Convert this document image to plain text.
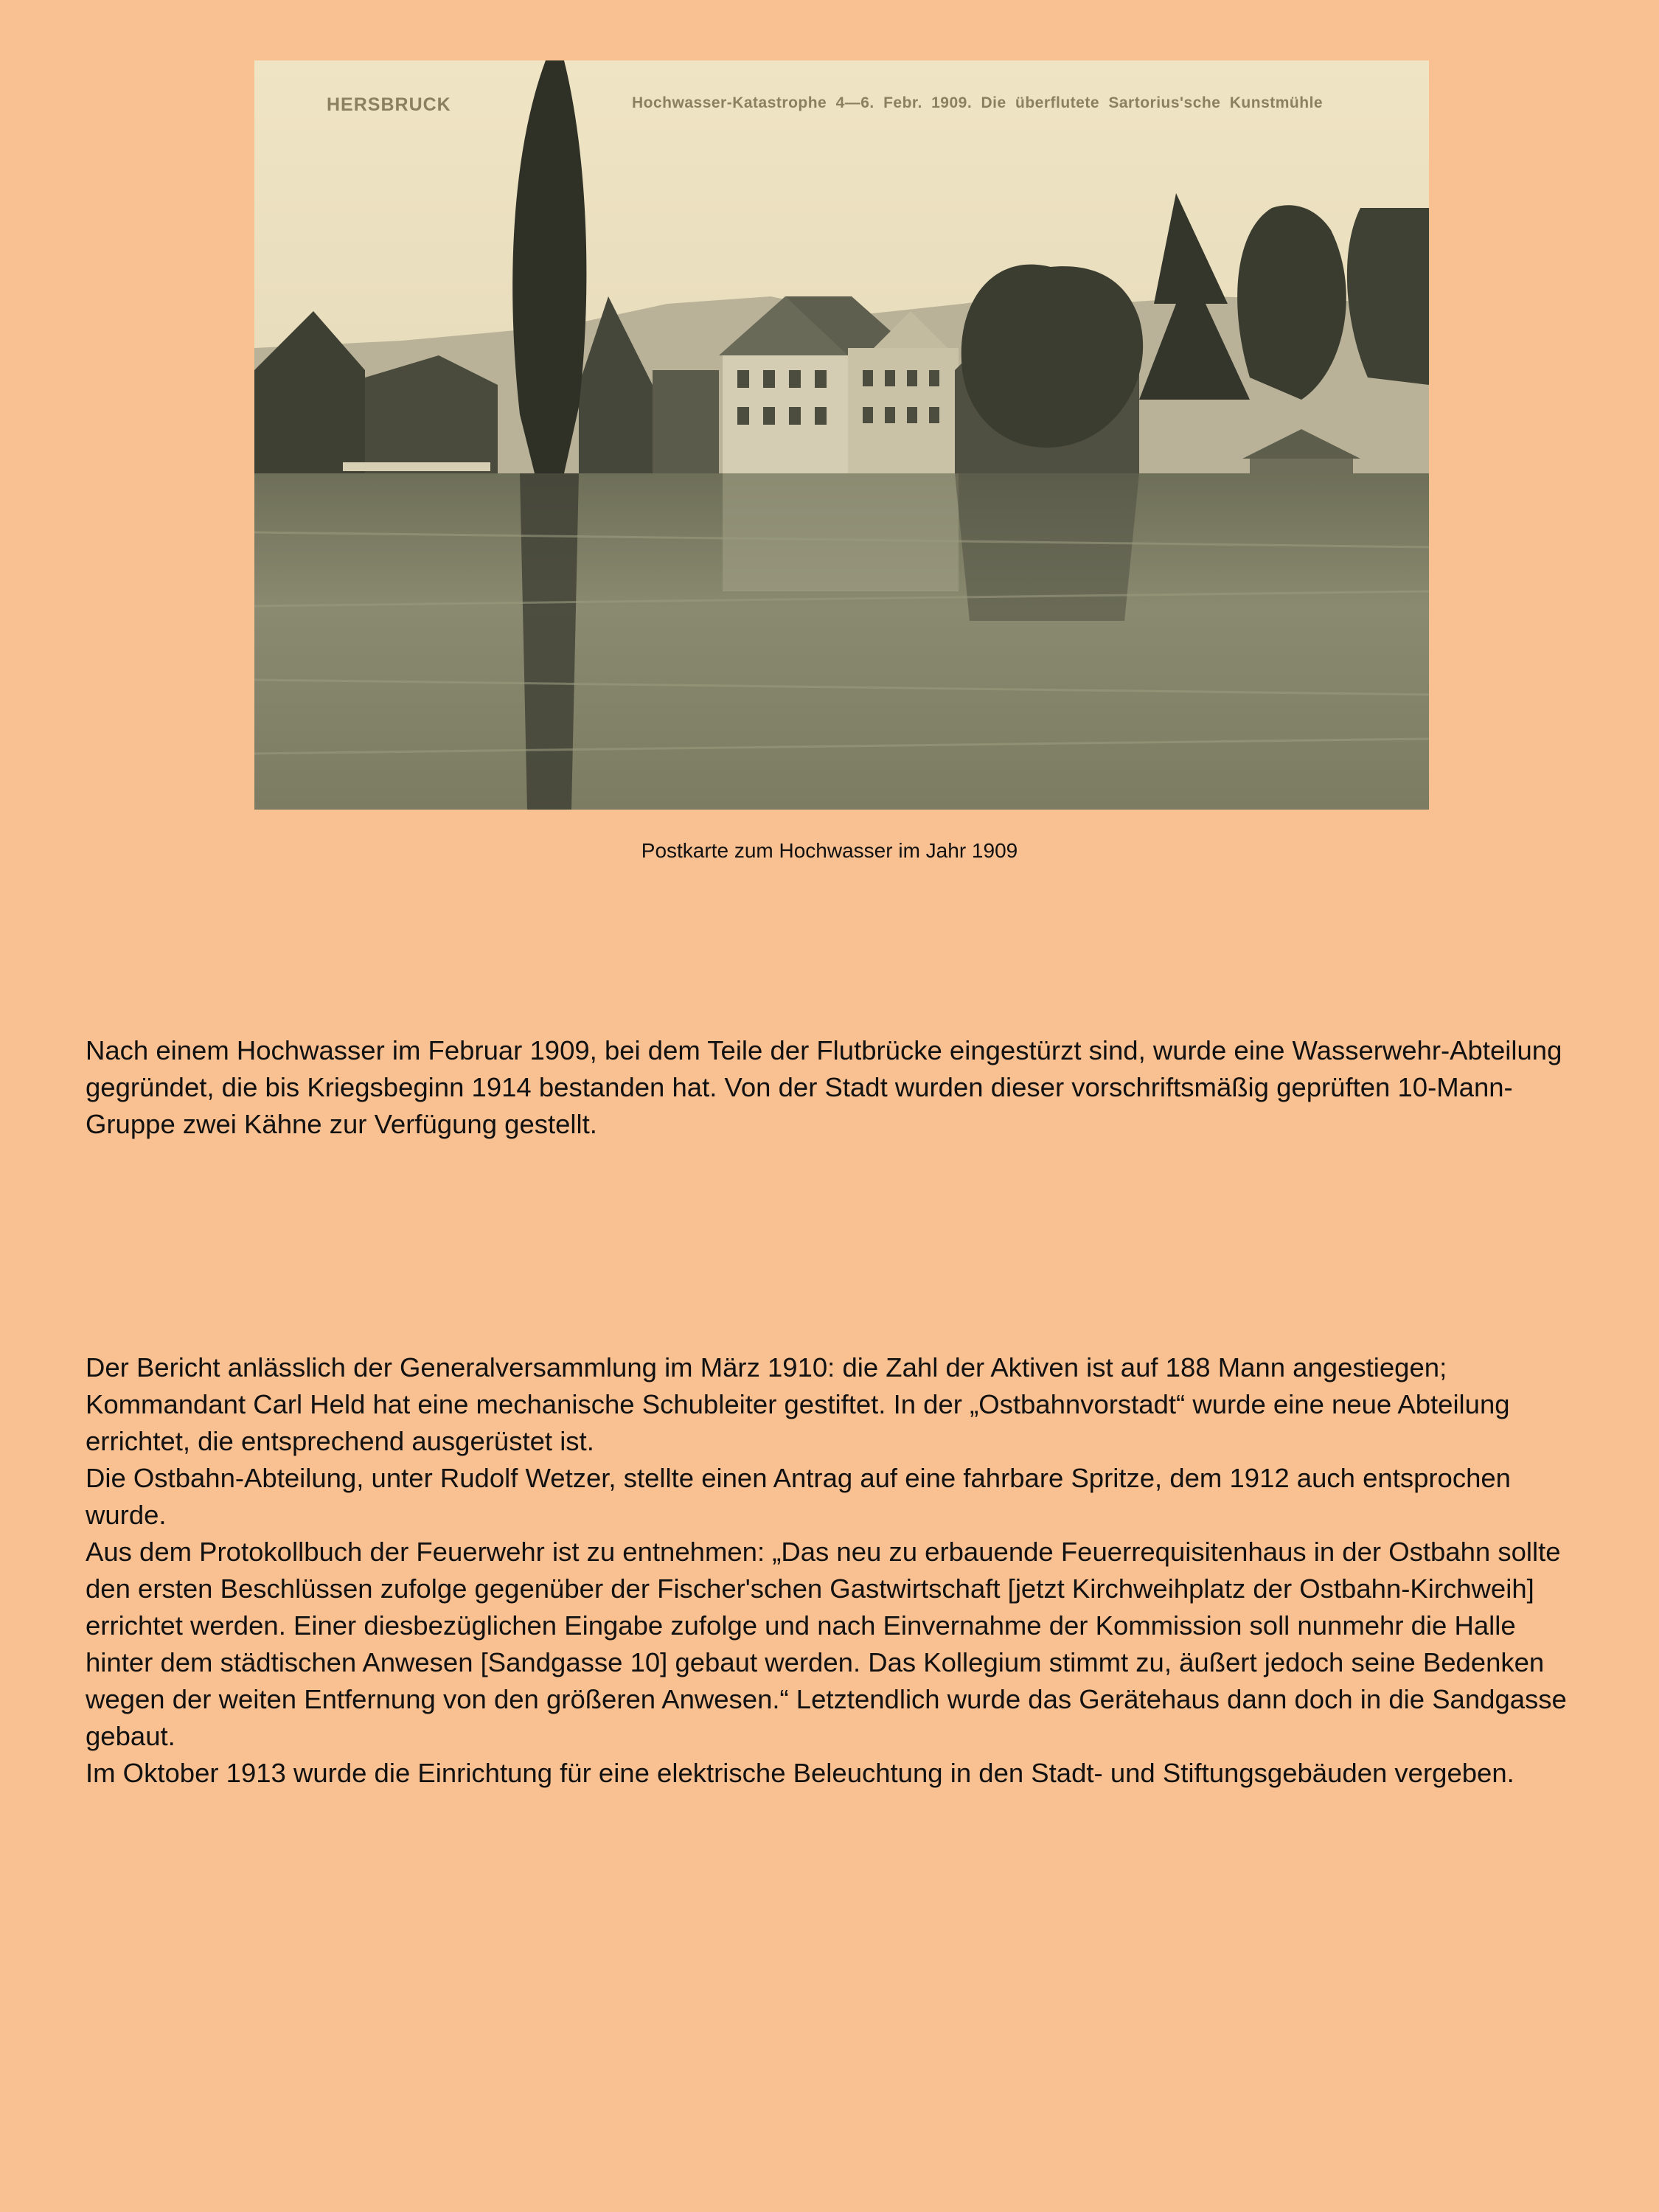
HERSBRUCK	Hochwasser-Katastrophe 4—6. Febr. 1909. Die überflutete Sartorius'sche Kunstmühle
Postkarte zum Hochwasser im Jahr 1909

Nach einem Hochwasser im Februar 1909, bei dem Teile der Flutbrücke eingestürzt sind, wurde eine Wasserwehr-Abteilung gegründet, die bis Kriegsbeginn 1914 bestanden hat. Von der Stadt wurden dieser vorschriftsmäßig geprüften 10-Mann-Gruppe zwei Kähne zur Verfügung gestellt.

Der Bericht anlässlich der Generalversammlung im März 1910: die Zahl der Aktiven ist auf 188 Mann angestiegen; Kommandant Carl Held hat eine mechanische Schubleiter gestiftet. In der „Ostbahnvorstadt“ wurde eine neue Abteilung errichtet, die entsprechend ausgerüstet ist.

Die Ostbahn-Abteilung, unter Rudolf Wetzer, stellte einen Antrag auf eine fahrbare Spritze, dem 1912 auch entsprochen wurde.

Aus dem Protokollbuch der Feuerwehr ist zu entnehmen: „Das neu zu erbauende Feuerrequisitenhaus in der Ostbahn sollte den ersten Beschlüssen zufolge gegenüber der Fischer'schen Gastwirtschaft [jetzt Kirchweihplatz der Ostbahn-Kirchweih] errichtet werden. Einer diesbezüglichen Eingabe zufolge und nach Einvernahme der Kommission soll nunmehr die Halle hinter dem städtischen Anwesen [Sandgasse 10] gebaut werden. Das Kollegium stimmt zu, äußert jedoch seine Bedenken wegen der weiten Entfernung von den größeren Anwesen.“ Letztendlich wurde das Gerätehaus dann doch in die Sandgasse gebaut.

Im Oktober 1913 wurde die Einrichtung für eine elektrische Beleuchtung in den Stadt- und Stiftungsgebäuden vergeben.
